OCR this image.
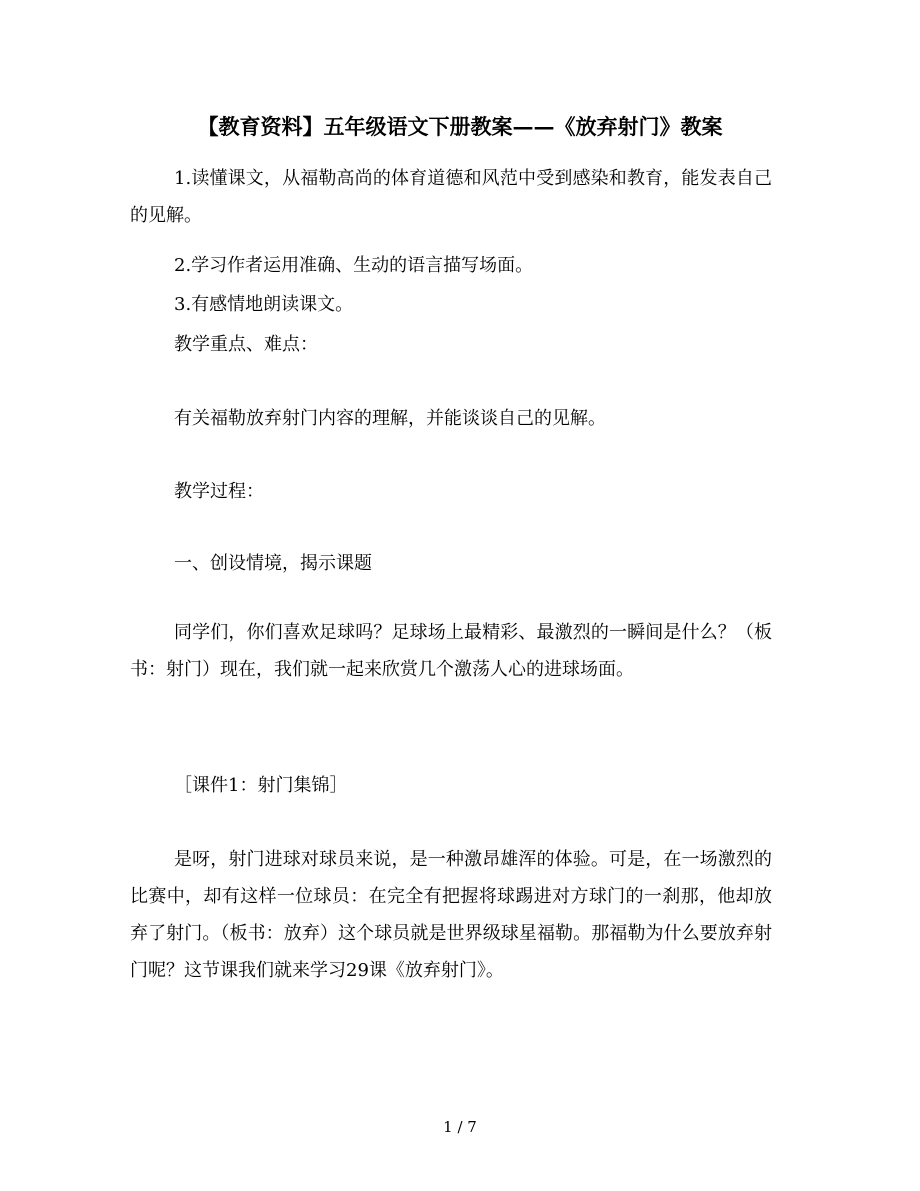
【教育资料】五年级语文下册教案——《放弃射门》教案

1.读懂课文，从福勒高尚的体育道德和风范中受到感染和教育，能发表自己的见解。

2.学习作者运用准确、生动的语言描写场面。

3.有感情地朗读课文。

教学重点、难点：

有关福勒放弃射门内容的理解，并能谈谈自己的见解。

教学过程：

一、创设情境，揭示课题

同学们，你们喜欢足球吗？足球场上最精彩、最激烈的一瞬间是什么？（板书：射门）现在，我们就一起来欣赏几个激荡人心的进球场面。

［课件1：射门集锦］

是呀，射门进球对球员来说，是一种激昂雄浑的体验。可是，在一场激烈的比赛中，却有这样一位球员：在完全有把握将球踢进对方球门的一刹那，他却放弃了射门。（板书：放弃）这个球员就是世界级球星福勒。那福勒为什么要放弃射门呢？这节课我们就来学习29课《放弃射门》。

1 / 7
